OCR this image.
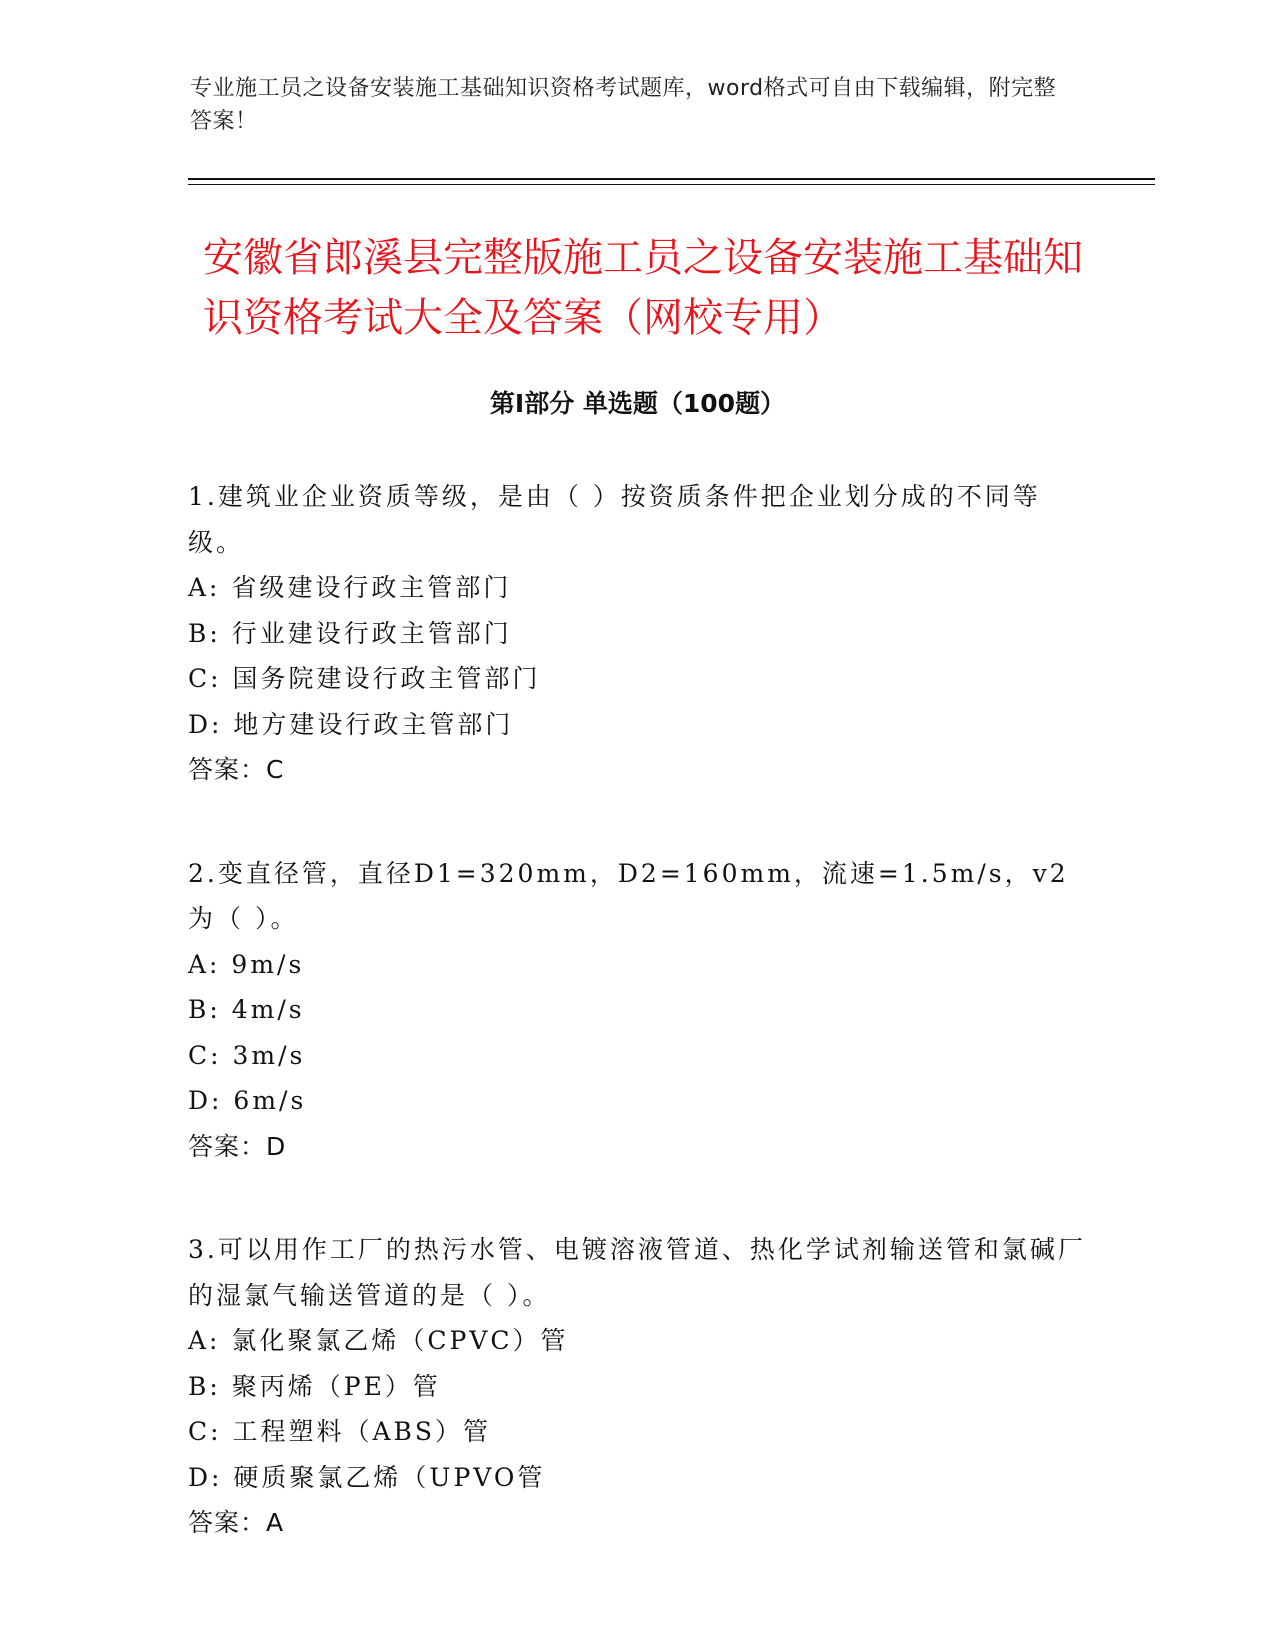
专业施工员之设备安装施工基础知识资格考试题库，word格式可自由下载编辑，附完整答案！
安徽省郎溪县完整版施工员之设备安装施工基础知识资格考试大全及答案（网校专用）
第I部分 单选题（100题）
1.建筑业企业资质等级，是由（ ）按资质条件把企业划分成的不同等级。
A: 省级建设行政主管部门
B: 行业建设行政主管部门
C: 国务院建设行政主管部门
D: 地方建设行政主管部门
答案：C
2.变直径管，直径D1=320mm，D2=160mm，流速=1.5m/s，v2为（ ）。
A: 9m/s
B: 4m/s
C: 3m/s
D: 6m/s
答案：D
3.可以用作工厂的热污水管、电镀溶液管道、热化学试剂输送管和氯碱厂的湿氯气输送管道的是（ ）。
A: 氯化聚氯乙烯（CPVC）管
B: 聚丙烯（PE）管
C: 工程塑料（ABS）管
D: 硬质聚氯乙烯（UPVO管
答案：A
